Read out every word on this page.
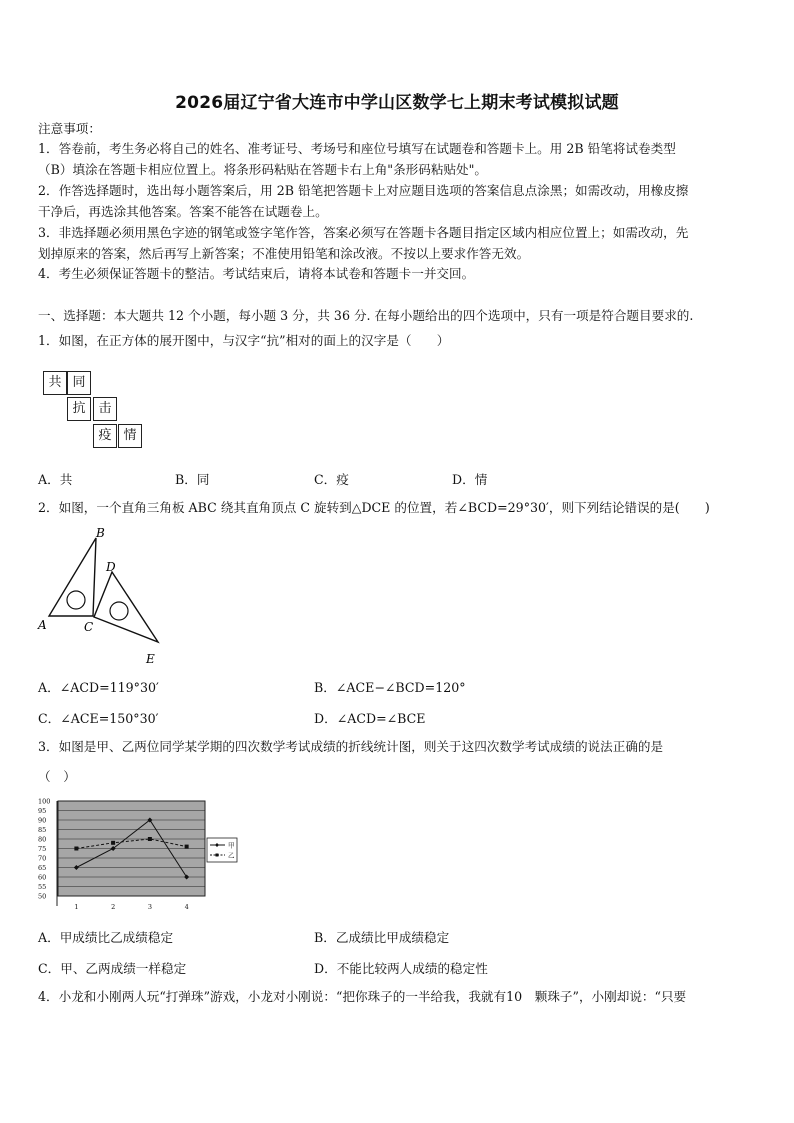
2026届辽宁省大连市中学山区数学七上期末考试模拟试题
注意事项：
1．答卷前，考生务必将自己的姓名、准考证号、考场号和座位号填写在试题卷和答题卡上。用 2B 铅笔将试卷类型
（B）填涂在答题卡相应位置上。将条形码粘贴在答题卡右上角"条形码粘贴处"。
2．作答选择题时，选出每小题答案后，用 2B 铅笔把答题卡上对应题目选项的答案信息点涂黑；如需改动，用橡皮擦
干净后，再选涂其他答案。答案不能答在试题卷上。
3．非选择题必须用黑色字迹的钢笔或签字笔作答，答案必须写在答题卡各题目指定区域内相应位置上；如需改动，先
划掉原来的答案，然后再写上新答案；不准使用铅笔和涂改液。不按以上要求作答无效。
4．考生必须保证答题卡的整洁。考试结束后，请将本试卷和答题卡一并交回。
一、选择题：本大题共 12 个小题，每小题 3 分，共 36 分. 在每小题给出的四个选项中，只有一项是符合题目要求的.
1．如图，在正方体的展开图中，与汉字“抗”相对的面上的汉字是（　　）
共 同
抗 击
疫 情
A．共	B．同	C．疫	D．情
2．如图，一个直角三角板 ABC 绕其直角顶点 C 旋转到△DCE 的位置，若∠BCD=29°30′，则下列结论错误的是(　　)
B
D
A	C
E
A．∠ACD=119°30′	B．∠ACE−∠BCD=120°
C．∠ACE=150°30′	D．∠ACD=∠BCE
3．如图是甲、乙两位同学某学期的四次数学考试成绩的折线统计图，则关于这四次数学考试成绩的说法正确的是
（　）
50
55
60
65
70
75
80
85
90
95
100
1	2	3	4
甲
乙
A．甲成绩比乙成绩稳定	B．乙成绩比甲成绩稳定
C．甲、乙两成绩一样稳定	D．不能比较两人成绩的稳定性
4．小龙和小刚两人玩“打弹珠”游戏，小龙对小刚说：“把你珠子的一半给我，我就有10　颗珠子”，小刚却说：“只要
